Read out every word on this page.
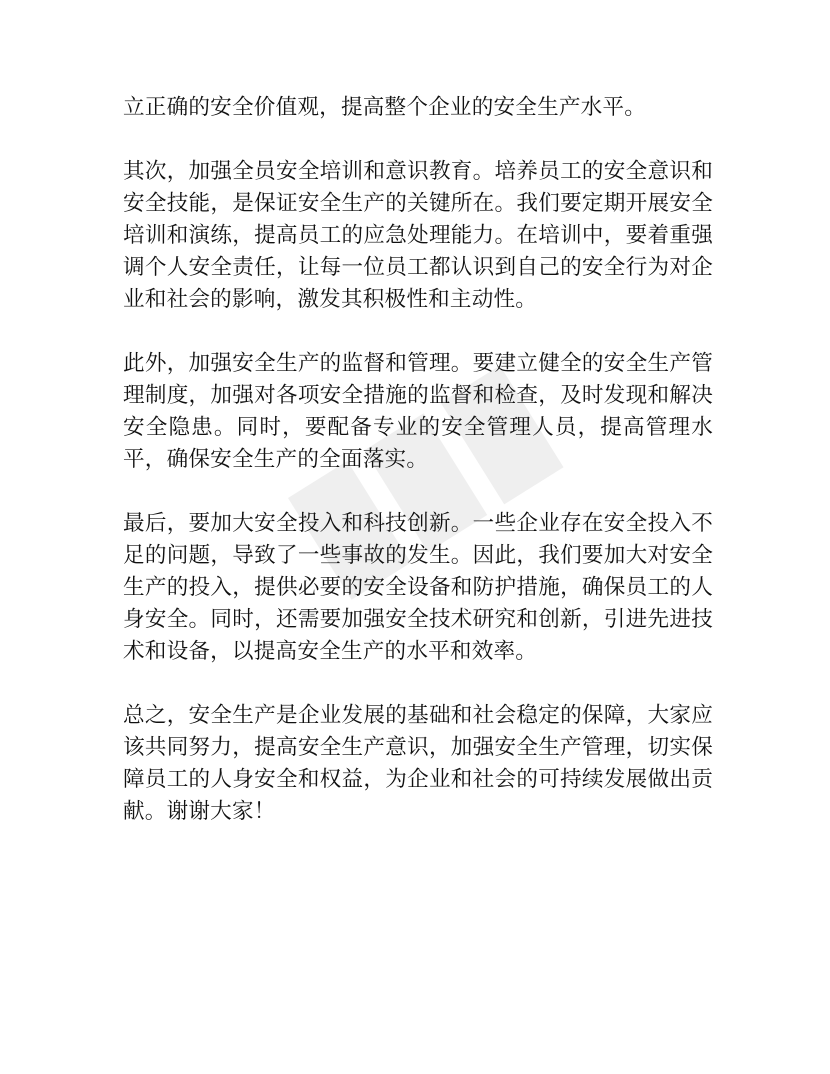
立正确的安全价值观，提高整个企业的安全生产水平。

其次，加强全员安全培训和意识教育。培养员工的安全意识和安全技能，是保证安全生产的关键所在。我们要定期开展安全培训和演练，提高员工的应急处理能力。在培训中，要着重强调个人安全责任，让每一位员工都认识到自己的安全行为对企业和社会的影响，激发其积极性和主动性。

此外，加强安全生产的监督和管理。要建立健全的安全生产管理制度，加强对各项安全措施的监督和检查，及时发现和解决安全隐患。同时，要配备专业的安全管理人员，提高管理水平，确保安全生产的全面落实。

最后，要加大安全投入和科技创新。一些企业存在安全投入不足的问题，导致了一些事故的发生。因此，我们要加大对安全生产的投入，提供必要的安全设备和防护措施，确保员工的人身安全。同时，还需要加强安全技术研究和创新，引进先进技术和设备，以提高安全生产的水平和效率。

总之，安全生产是企业发展的基础和社会稳定的保障，大家应该共同努力，提高安全生产意识，加强安全生产管理，切实保障员工的人身安全和权益，为企业和社会的可持续发展做出贡献。谢谢大家！
